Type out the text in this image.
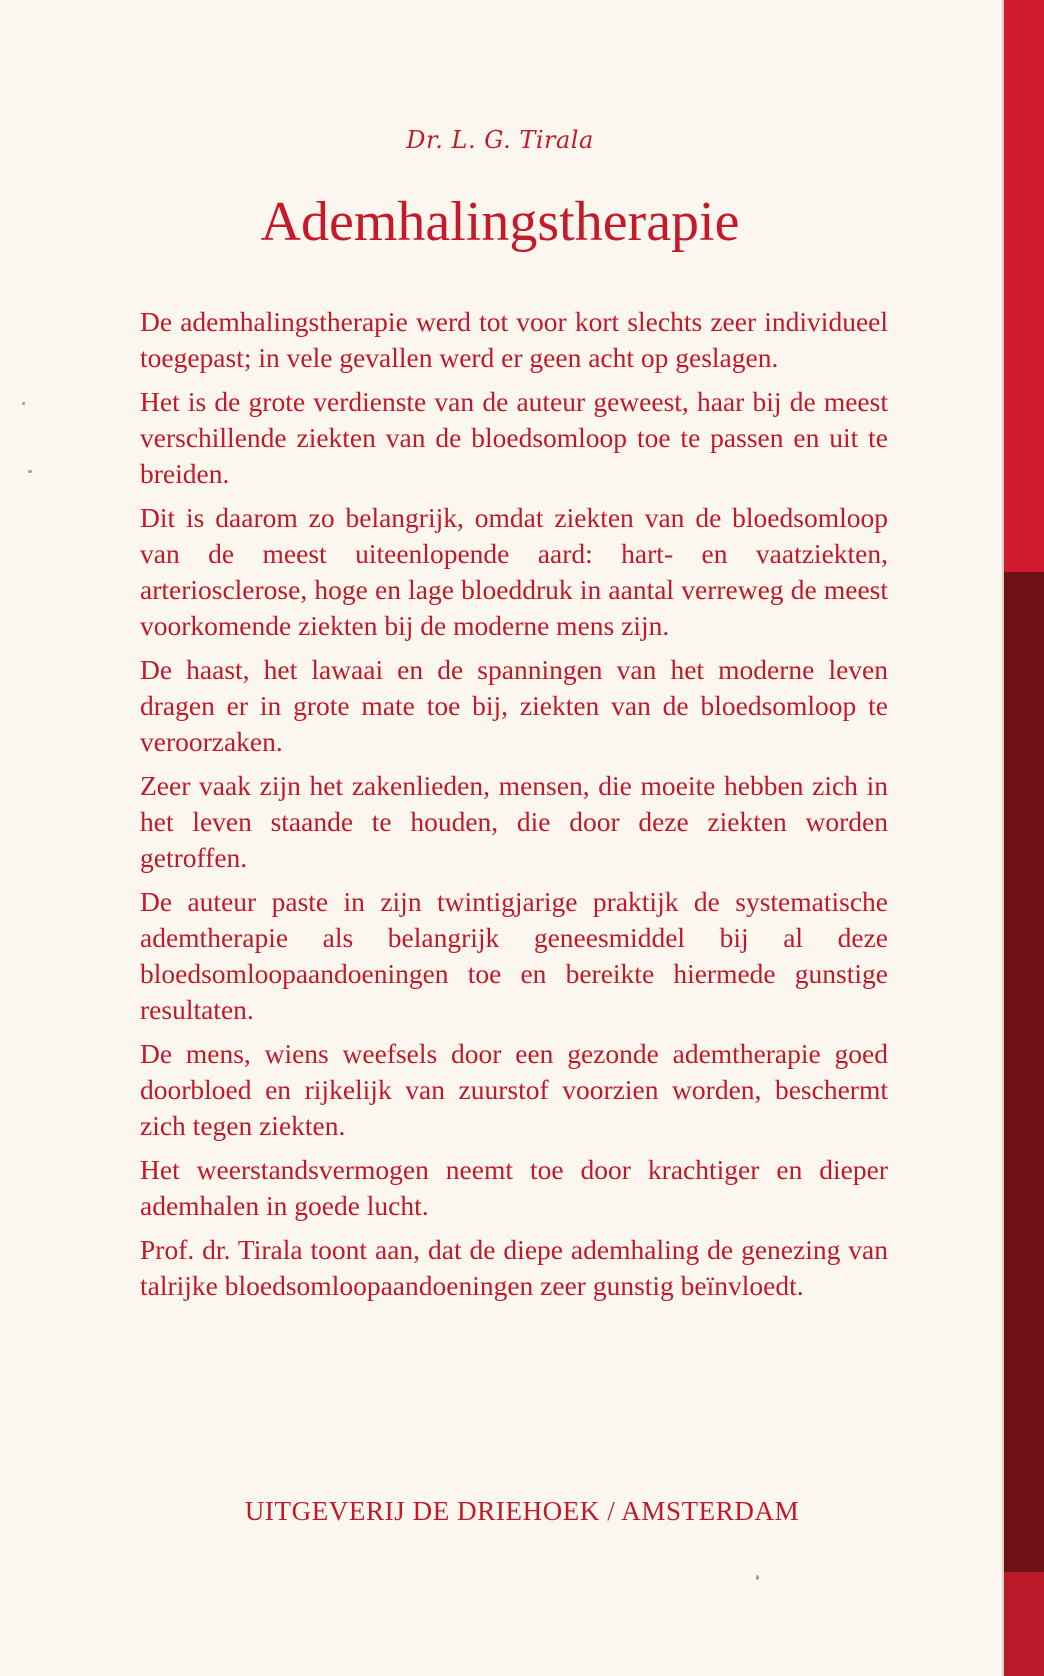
Dr. L. G. Tirala
Ademhalingstherapie

De ademhalingstherapie werd tot voor kort slechts zeer individueel toegepast; in vele gevallen werd er geen acht op geslagen.

Het is de grote verdienste van de auteur geweest, haar bij de meest verschillende ziekten van de bloedsomloop toe te passen en uit te breiden.

Dit is daarom zo belangrijk, omdat ziekten van de bloedsomloop van de meest uiteenlopende aard: hart- en vaatziekten, arteriosclerose, hoge en lage bloeddruk in aantal verreweg de meest voorkomende ziekten bij de moderne mens zijn.

De haast, het lawaai en de spanningen van het moderne leven dragen er in grote mate toe bij, ziekten van de bloedsomloop te veroorzaken.

Zeer vaak zijn het zakenlieden, mensen, die moeite hebben zich in het leven staande te houden, die door deze ziekten worden getroffen.

De auteur paste in zijn twintigjarige praktijk de systematische ademtherapie als belangrijk geneesmiddel bij al deze bloedsomloopaandoeningen toe en bereikte hiermede gunstige resultaten.

De mens, wiens weefsels door een gezonde ademtherapie goed doorbloed en rijkelijk van zuurstof voorzien worden, beschermt zich tegen ziekten.

Het weerstandsvermogen neemt toe door krachtiger en dieper ademhalen in goede lucht.

Prof. dr. Tirala toont aan, dat de diepe ademhaling de genezing van talrijke bloedsomloopaandoeningen zeer gunstig beïnvloedt.

UITGEVERIJ DE DRIEHOEK / AMSTERDAM
